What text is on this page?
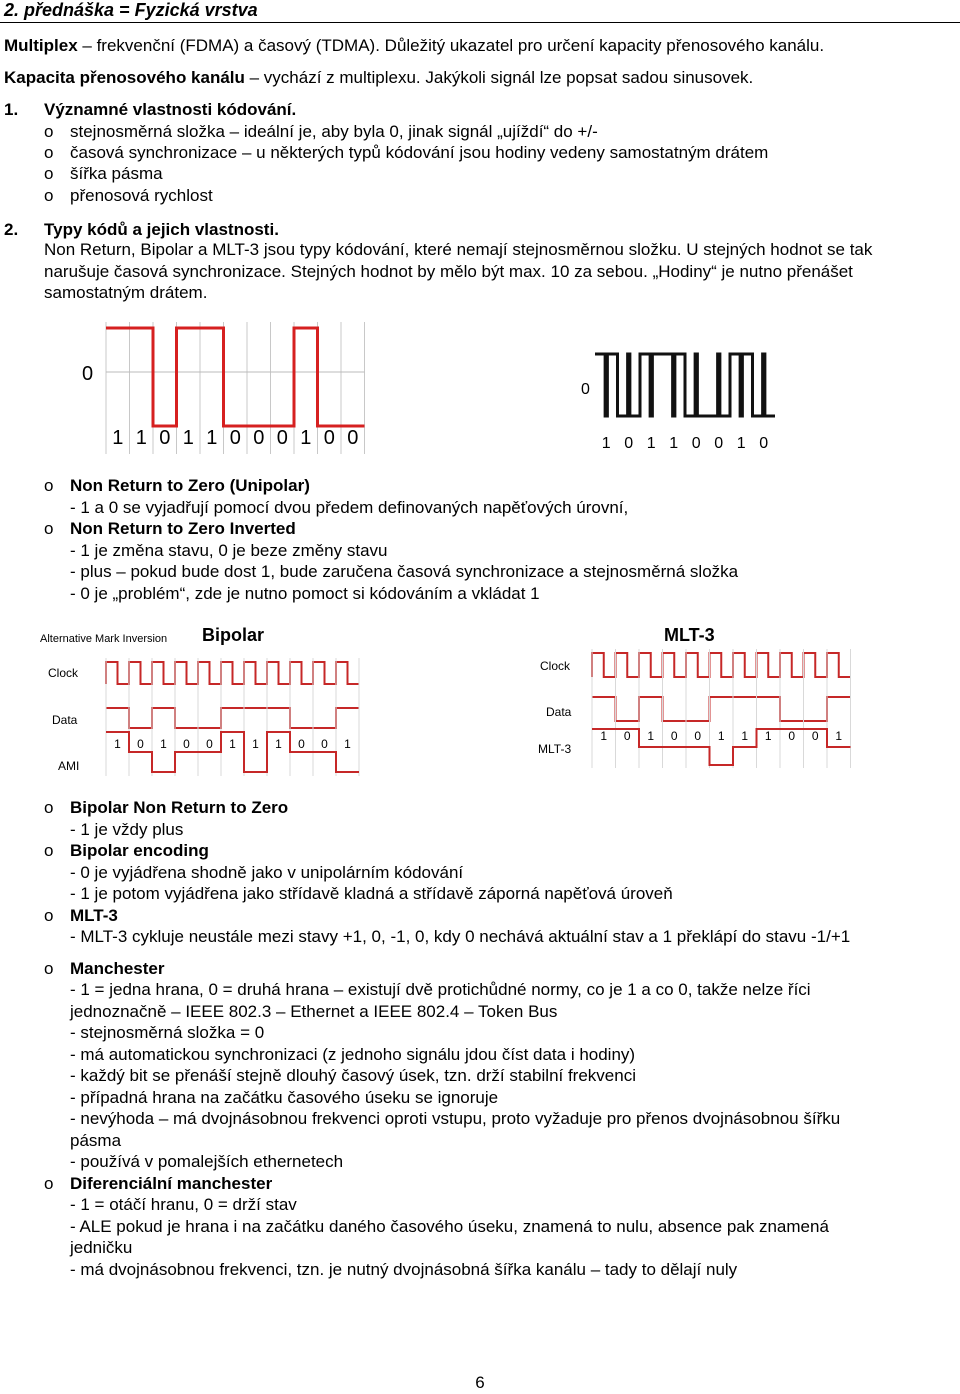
2. přednáška = Fyzická vrstva
Multiplex – frekvenční (FDMA) a časový (TDMA). Důležitý ukazatel pro určení kapacity přenosového kanálu.
Kapacita přenosového kanálu – vychází z multiplexu. Jakýkoli signál lze popsat sadou sinusovek.
1. Významné vlastnosti kódování.
o stejnosměrná složka – ideální je, aby byla 0, jinak signál „ujíždí“ do +/-
o časová synchronizace – u některých typů kódování jsou hodiny vedeny samostatným drátem
o šířka pásma
o přenosová rychlost
2. Typy kódů a jejich vlastnosti.
Non Return, Bipolar a MLT-3 jsou typy kódování, které nemají stejnosměrnou složku. U stejných hodnot se tak
narušuje časová synchronizace. Stejných hodnot by mělo být max. 10 za sebou. „Hodiny“ je nutno přenášet
samostatným drátem.
0
1 1 0 1 1 0 0 0 1 0 0
0
1 0 1 1 0 0 1 0
o Non Return to Zero (Unipolar)
- 1 a 0 se vyjadřují pomocí dvou předem definovaných napěťových úrovní,
o Non Return to Zero Inverted
- 1 je změna stavu, 0 je beze změny stavu
- plus – pokud bude dost 1, bude zaručena časová synchronizace a stejnosměrná složka
- 0 je „problém“, zde je nutno pomoct si kódováním a vkládat 1
Bipolar	MLT-3
Alternative Mark Inversion
Clock
Data
AMI
1 0 1 0 0 1 1 1 0 0 1
Clock
Data
MLT-3
1 0 1 0 0 1 1 1 0 0 1
o Bipolar Non Return to Zero
- 1 je vždy plus
o Bipolar encoding
- 0 je vyjádřena shodně jako v unipolárním kódování
- 1 je potom vyjádřena jako střídavě kladná a střídavě záporná napěťová úroveň
o MLT-3
- MLT-3 cykluje neustále mezi stavy +1, 0, -1, 0, kdy 0 nechává aktuální stav a 1 překlápí do stavu -1/+1
o Manchester
- 1 = jedna hrana, 0 = druhá hrana – existují dvě protichůdné normy, co je 1 a co 0, takže nelze říci
jednoznačně – IEEE 802.3 – Ethernet a IEEE 802.4 – Token Bus
- stejnosměrná složka = 0
- má automatickou synchronizaci (z jednoho signálu jdou číst data i hodiny)
- každý bit se přenáší stejně dlouhý časový úsek, tzn. drží stabilní frekvenci
- případná hrana na začátku časového úseku se ignoruje
- nevýhoda – má dvojnásobnou frekvenci oproti vstupu, proto vyžaduje pro přenos dvojnásobnou šířku
pásma
- používá v pomalejších ethernetech
o Diferenciální manchester
- 1 = otáčí hranu, 0 = drží stav
- ALE pokud je hrana i na začátku daného časového úseku, znamená to nulu, absence pak znamená
jedničku
- má dvojnásobnou frekvenci, tzn. je nutný dvojnásobná šířka kanálu – tady to dělají nuly
6
